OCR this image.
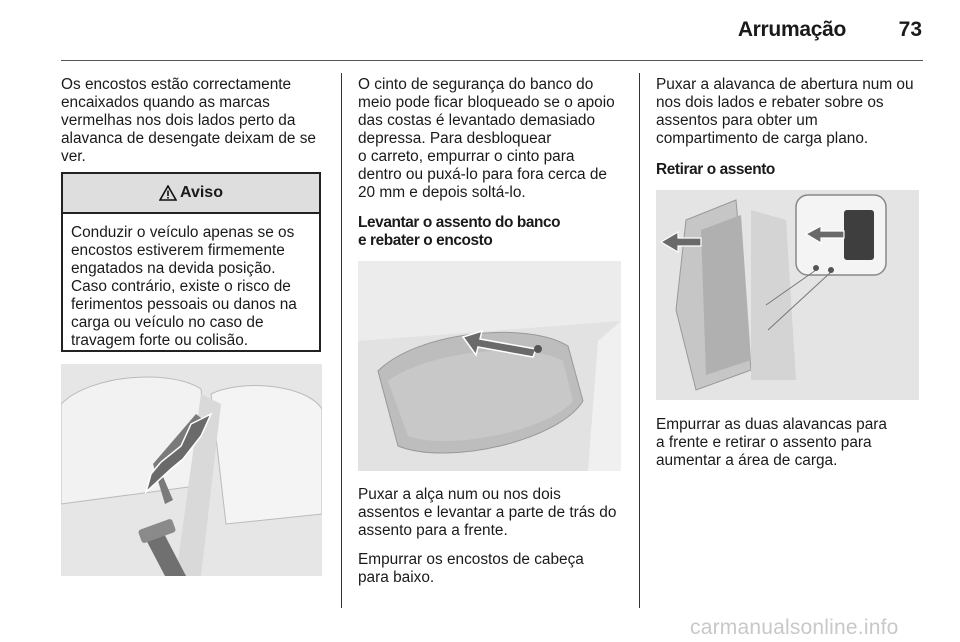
Arrumação	73

Os encostos estão correctamente
encaixados quando as marcas
vermelhas nos dois lados perto da
alavanca de desengate deixam de se
ver.

Aviso
Conduzir o veículo apenas se os
encostos estiverem firmemente
engatados na devida posição.
Caso contrário, existe o risco de
ferimentos pessoais ou danos na
carga ou veículo no caso de
travagem forte ou colisão.

O cinto de segurança do banco do
meio pode ficar bloqueado se o apoio
das costas é levantado demasiado
depressa. Para desbloquear
o carreto, empurrar o cinto para
dentro ou puxá-lo para fora cerca de
20 mm e depois soltá-lo.

Levantar o assento do banco
e rebater o encosto

Puxar a alça num ou nos dois
assentos e levantar a parte de trás do
assento para a frente.

Empurrar os encostos de cabeça
para baixo.

Puxar a alavanca de abertura num ou
nos dois lados e rebater sobre os
assentos para obter um
compartimento de carga plano.

Retirar o assento

Empurrar as duas alavancas para
a frente e retirar o assento para
aumentar a área de carga.

carmanualsonline.info
